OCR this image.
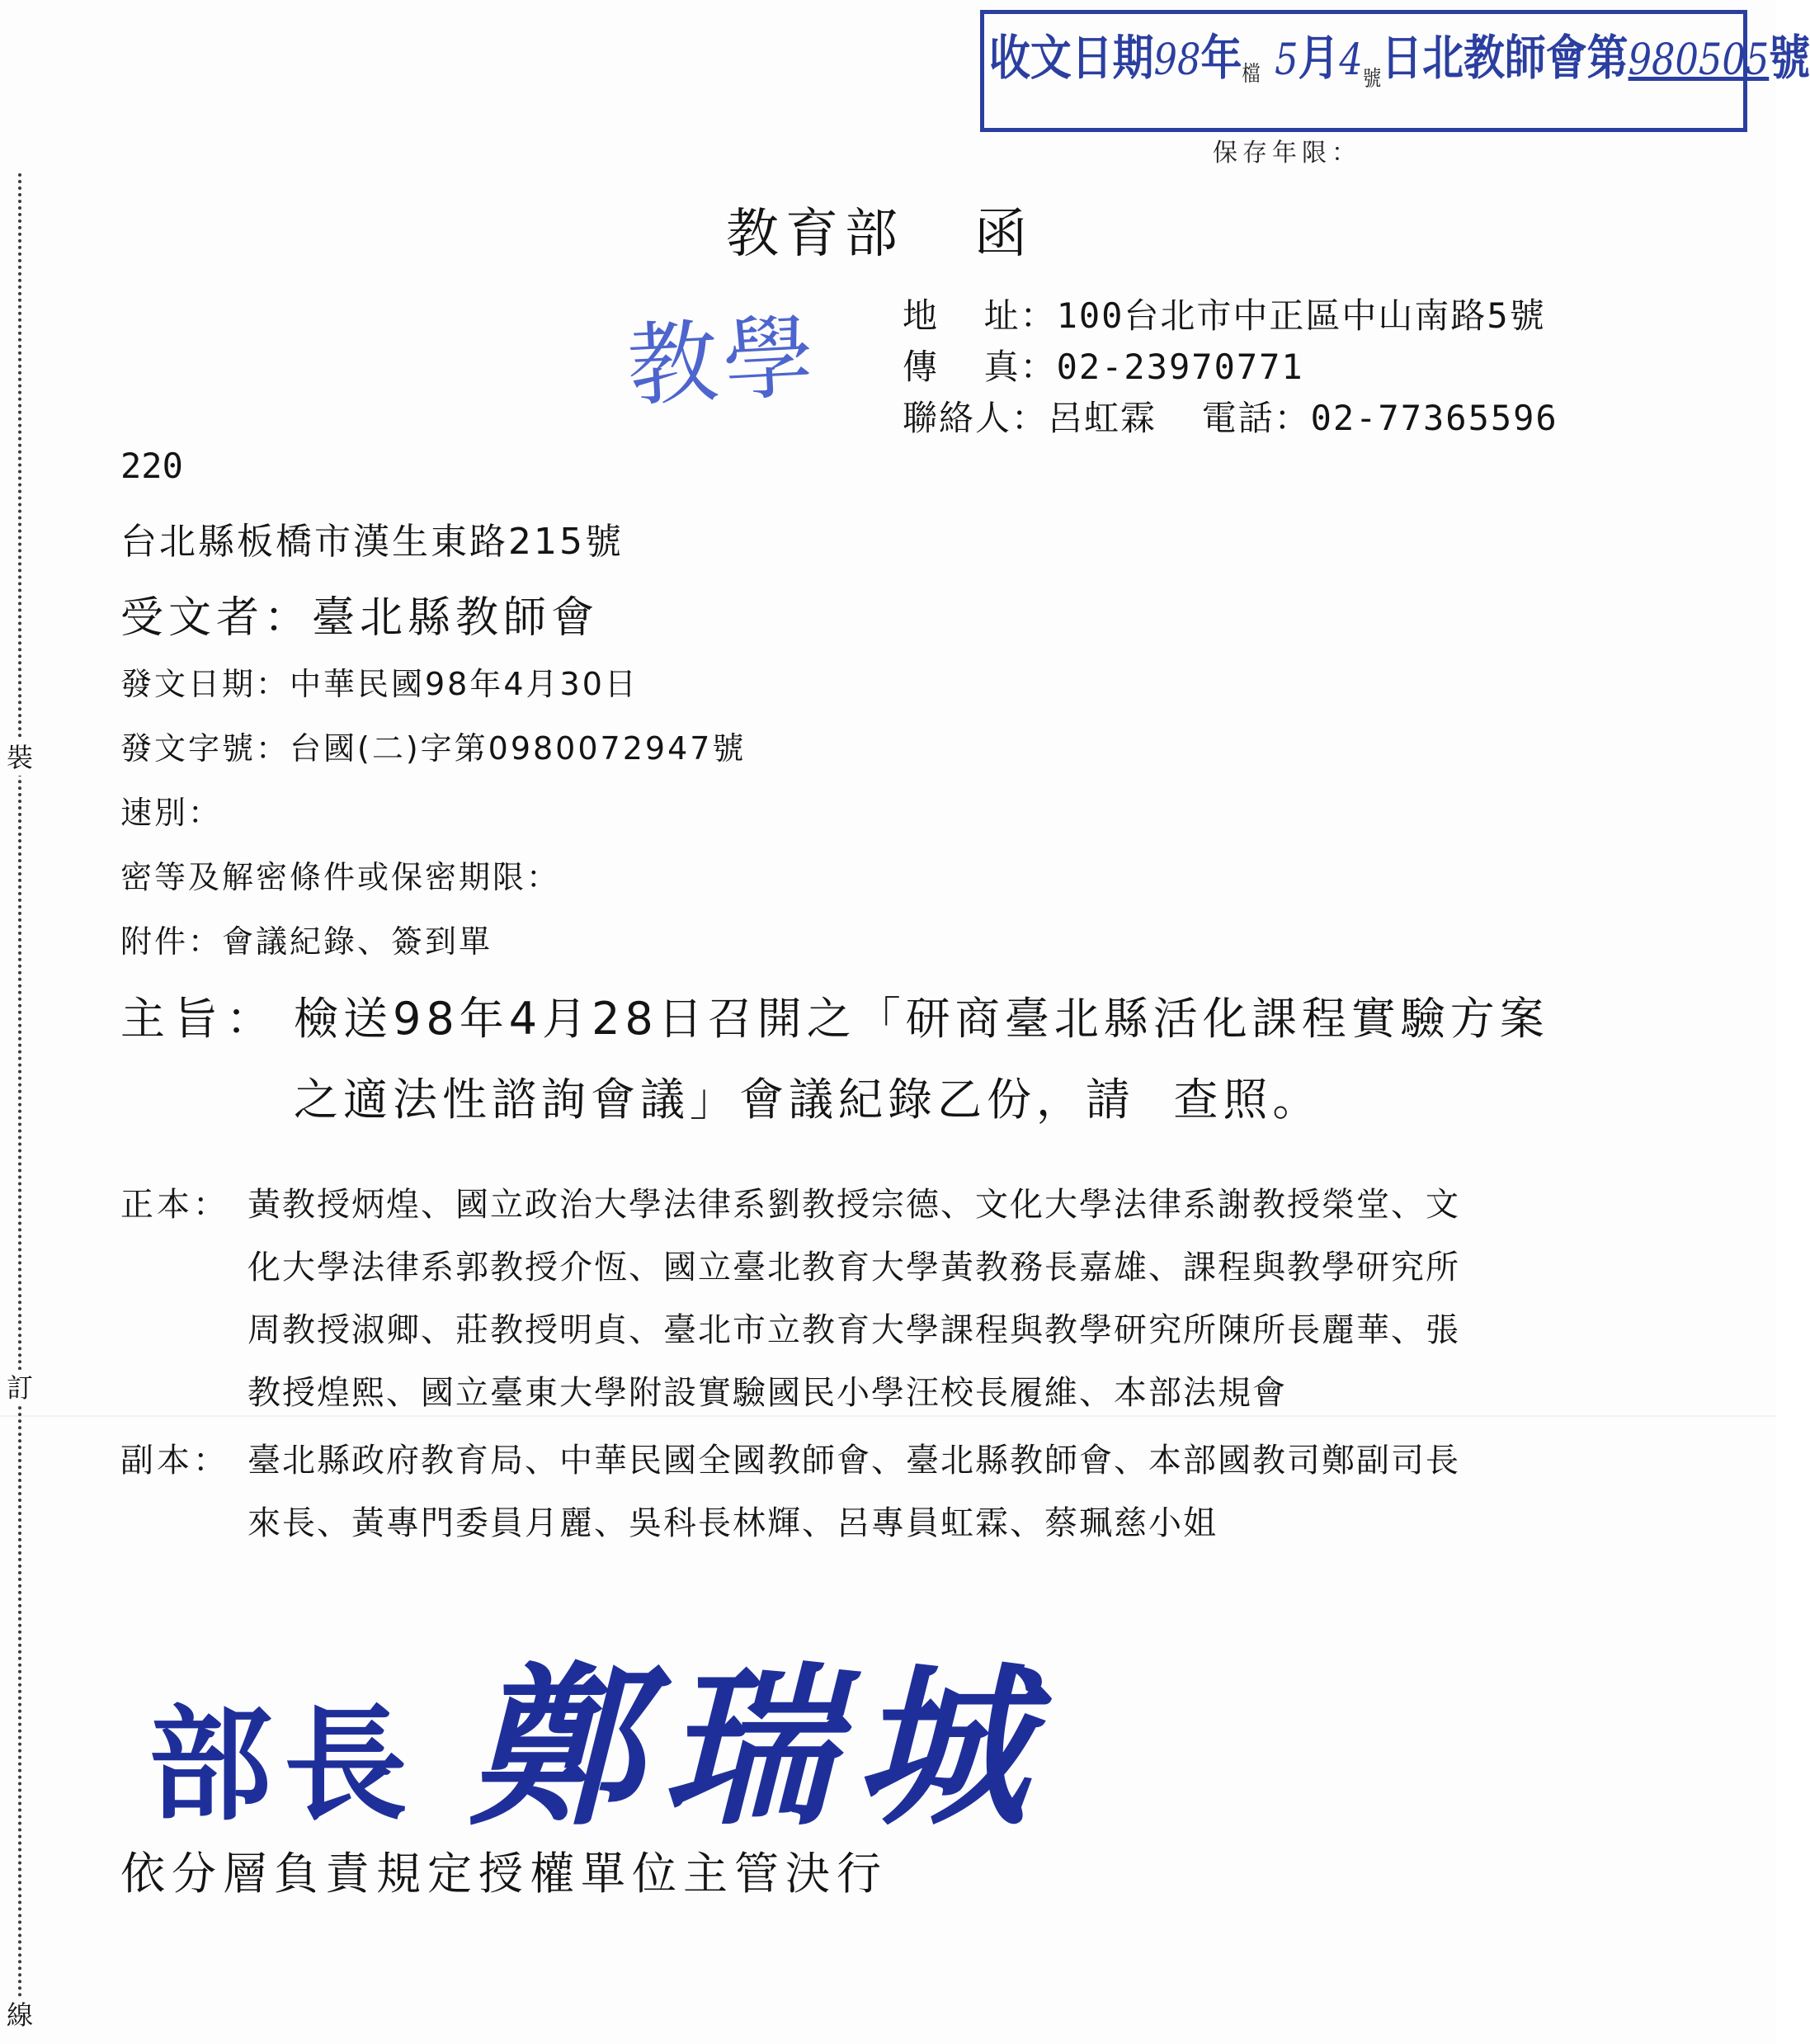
裝
訂
線
收文日期98年檔 5月$4_號$日北教師會第980505號
保存年限：
教育部   函
教學 地  址：100台北市中正區中山南路5號
傳  真：02-23970771
聯絡人：呂虹霖  電話：02-77365596
220
台北縣板橋市漢生東路215號
受文者：臺北縣教師會
發文日期：中華民國98年4月30日
發文字號：台國(二)字第0980072947號
速別：
密等及解密條件或保密期限：
附件：會議紀錄、簽到單
主旨： 檢送98年4月28日召開之「研商臺北縣活化課程實驗方案
之適法性諮詢會議」會議紀錄乙份，請  查照。
正本： 黃教授炳煌、國立政治大學法律系劉教授宗德、文化大學法律系謝教授榮堂、文
化大學法律系郭教授介恆、國立臺北教育大學黃教務長嘉雄、課程與教學研究所
周教授淑卿、莊教授明貞、臺北市立教育大學課程與教學研究所陳所長麗華、張
教授煌熙、國立臺東大學附設實驗國民小學汪校長履維、本部法規會
副本： 臺北縣政府教育局、中華民國全國教師會、臺北縣教師會、本部國教司鄭副司長
來長、黃專門委員月麗、吳科長林輝、呂專員虹霖、蔡珮慈小姐
部長 鄭瑞城
依分層負責規定授權單位主管決行
